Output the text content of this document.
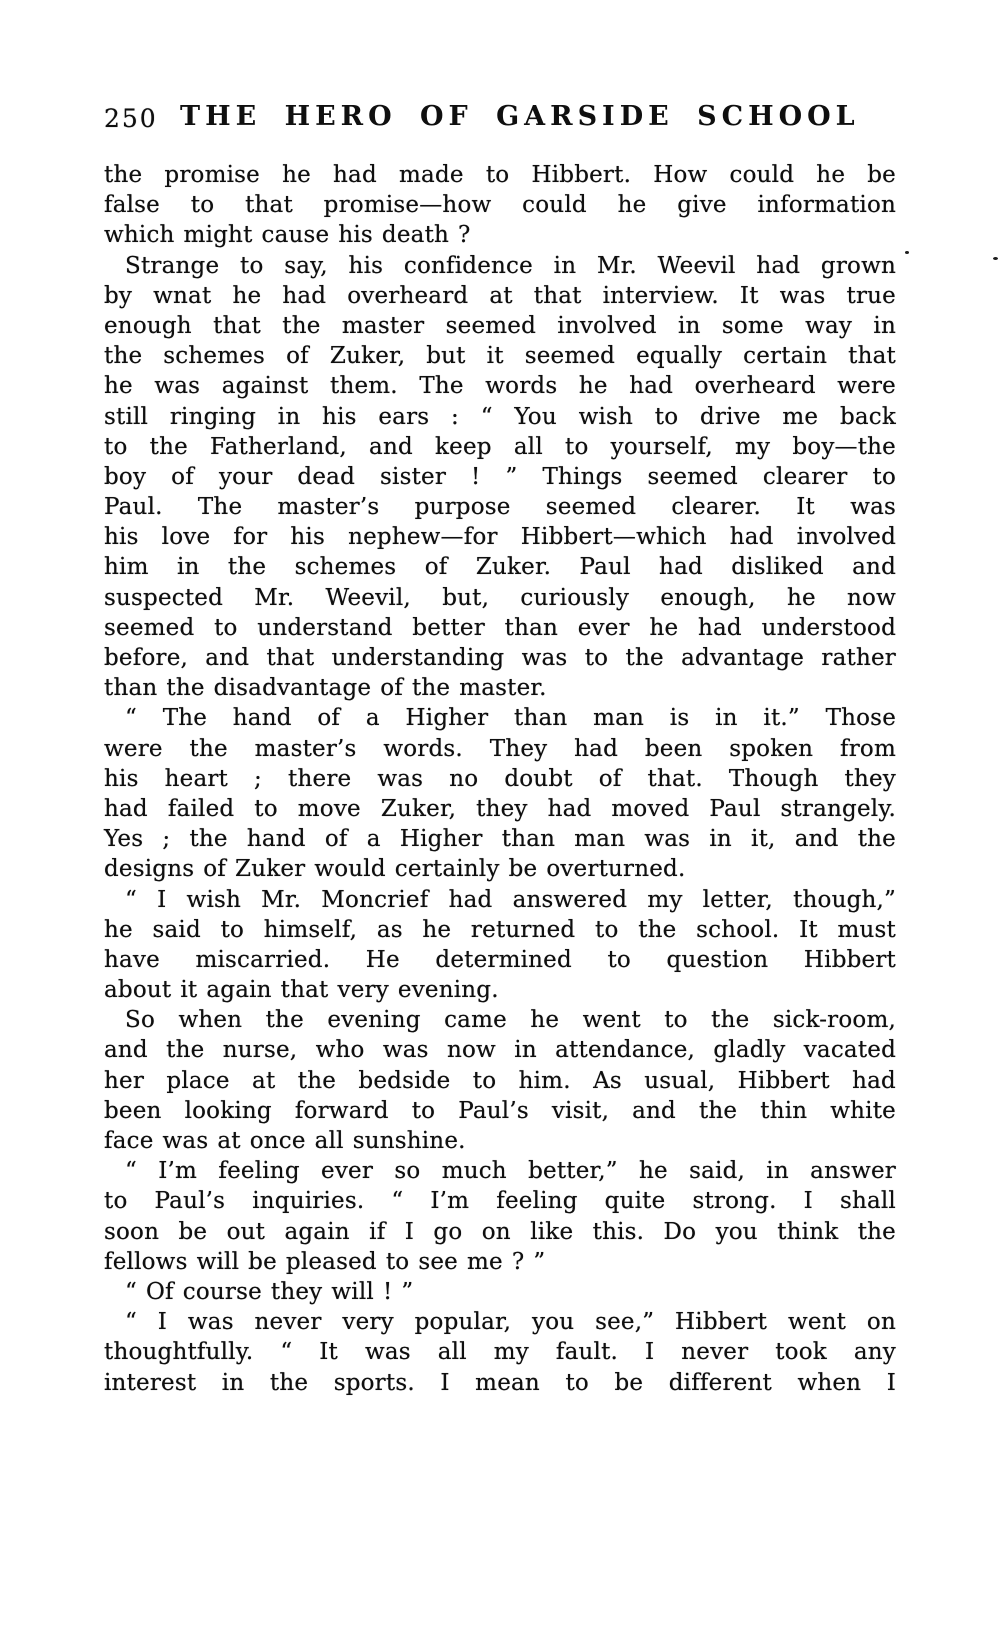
250 THE HERO OF GARSIDE SCHOOL
the promise he had made to Hibbert. How could he be
false to that promise—how could he give information
which might cause his death ?
Strange to say, his confidence in Mr. Weevil had grown
by wnat he had overheard at that interview. It was true
enough that the master seemed involved in some way in
the schemes of Zuker, but it seemed equally certain that
he was against them. The words he had overheard were
still ringing in his ears : “ You wish to drive me back
to the Fatherland, and keep all to yourself, my boy—the
boy of your dead sister ! ” Things seemed clearer to
Paul. The master’s purpose seemed clearer. It was
his love for his nephew—for Hibbert—which had involved
him in the schemes of Zuker. Paul had disliked and
suspected Mr. Weevil, but, curiously enough, he now
seemed to understand better than ever he had understood
before, and that understanding was to the advantage rather
than the disadvantage of the master.
“ The hand of a Higher than man is in it.” Those
were the master’s words. They had been spoken from
his heart ; there was no doubt of that. Though they
had failed to move Zuker, they had moved Paul strangely.
Yes ; the hand of a Higher than man was in it, and the
designs of Zuker would certainly be overturned.
“ I wish Mr. Moncrief had answered my letter, though,”
he said to himself, as he returned to the school. It must
have miscarried. He determined to question Hibbert
about it again that very evening.
So when the evening came he went to the sick-room,
and the nurse, who was now in attendance, gladly vacated
her place at the bedside to him. As usual, Hibbert had
been looking forward to Paul’s visit, and the thin white
face was at once all sunshine.
“ I’m feeling ever so much better,” he said, in answer
to Paul’s inquiries. “ I’m feeling quite strong. I shall
soon be out again if I go on like this. Do you think the
fellows will be pleased to see me ? ”
“ Of course they will ! ”
“ I was never very popular, you see,” Hibbert went on
thoughtfully. “ It was all my fault. I never took any
interest in the sports. I mean to be different when I
